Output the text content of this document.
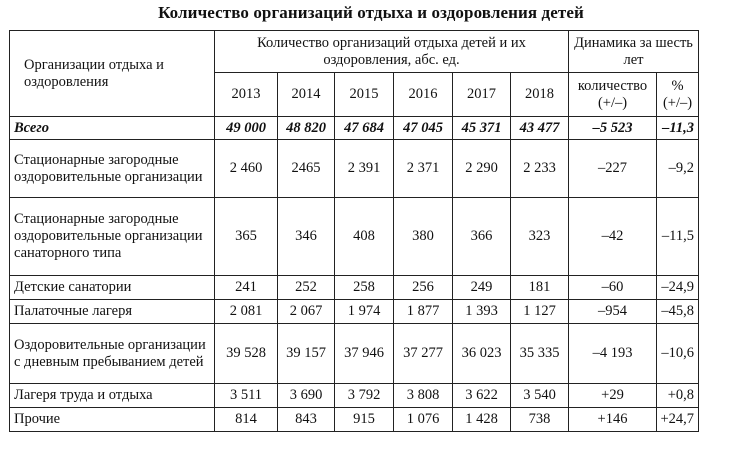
Количество организаций отдыха и оздоровления детей
Организации отдыха и оздоровления	Количество организаций отдыха детей и их оздоровления, абс. ед.						Динамика за шесть лет	
	2013	2014	2015	2016	2017	2018	количество (+/–)	% (+/–)
Всего	49 000	48 820	47 684	47 045	45 371	43 477	–5 523	–11,3
Стационарные загородные оздоровительные организации	2 460	2465	2 391	2 371	2 290	2 233	–227	–9,2
Стационарные загородные оздоровительные организации санаторного типа	365	346	408	380	366	323	–42	–11,5
Детские санатории	241	252	258	256	249	181	–60	–24,9
Палаточные лагеря	2 081	2 067	1 974	1 877	1 393	1 127	–954	–45,8
Оздоровительные организации с дневным пребыванием детей	39 528	39 157	37 946	37 277	36 023	35 335	–4 193	–10,6
Лагеря труда и отдыха	3 511	3 690	3 792	3 808	3 622	3 540	+29	+0,8
Прочие	814	843	915	1 076	1 428	738	+146	+24,7
